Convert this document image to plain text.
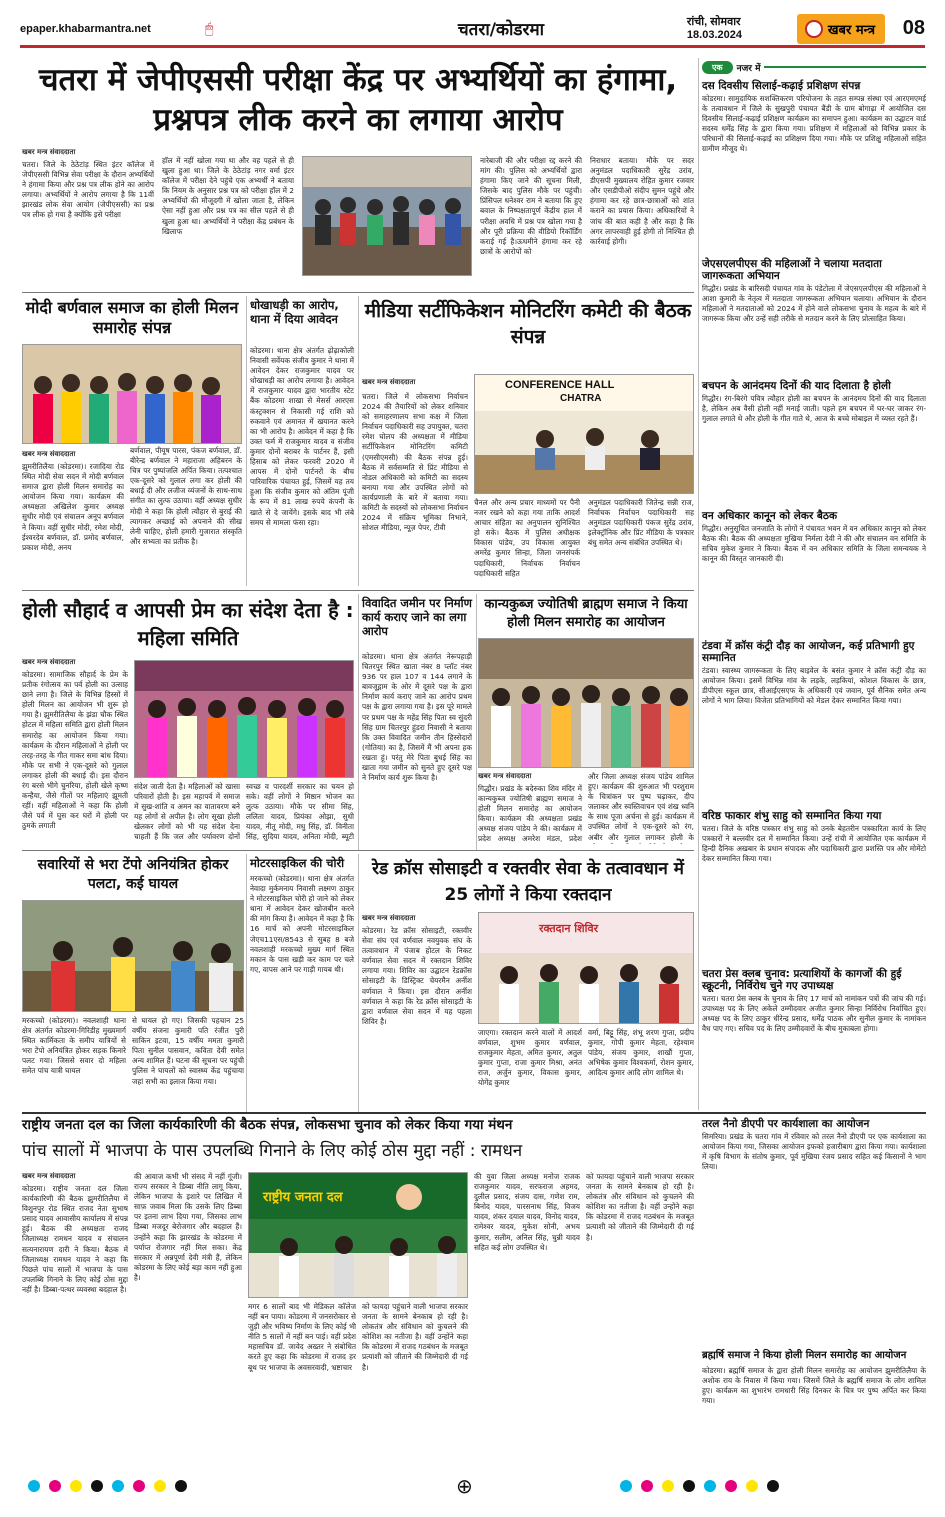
epaper.khabarmantra.net	🖱	चतरा/कोडरमा	रांची, सोमवार
18.03.2024	खबर मन्त्र	08
चतरा में जेपीएससी परीक्षा केंद्र पर अभ्यर्थियों का हंगामा, प्रश्नपत्र लीक करने का लगाया आरोप
खबर मन्त्र संवाददाता
चतरा। जिले के ठेठेटांड़ स्थित इंटर कॉलेज में जेपीएससी विभिन्न सेवा परीक्षा के दौरान अभ्यर्थियों ने हंगामा किया और प्रश्न पत्र लीक होने का आरोप लगाया। अभ्यर्थियों ने आरोप लगाया है कि 11वीं झारखंड लोक सेवा आयोग (जेपीएससी) का प्रश्न पत्र लीक हो गया है क्योंकि इसे परीक्षा
हॉल में नहीं खोला गया था और वह पहले से ही खुला हुआ था। जिले के ठेठेटांड़ नगर वर्मा इंटर कॉलेज में परीक्षा देने पहुंचे एक अभ्यर्थी ने बताया कि नियम के अनुसार प्रश्न पत्र को परीक्षा हॉल में 2 अभ्यर्थियों की मौजूदगी में खोला जाता है, लेकिन ऐसा नहीं हुआ और प्रश्न पत्र का सील पहले से ही खुला हुआ था। अभ्यर्थियों ने परीक्षा केंद्र प्रबंधन के खिलाफ
नारेबाजी की और परीक्षा रद्द करने की मांग की। पुलिस को अभ्यर्थियों द्वारा हंगामा किए जाने की सूचना मिली, जिसके बाद पुलिस मौके पर पहुंची। प्रिंसिपल धनेश्वर राम ने बताया कि हुए बवाल के निष्पक्षतापूर्ण केंद्रीय हाल में परीक्षा अवधि में प्रश्न पत्र खोला गया है और पूरी प्रक्रिया की वीडियो रिकॉर्डिंग कराई गई है।ऊधमीने हंगामा कर रहे छात्रों के आरोपों को
निराधार बताया। मौके पर सदर अनुमंडल पदाधिकारी सुरेंद्र उरांव, डीएसपी मुख्यालय रोहित कुमार रजवार और एसडीपीओ संदीप सुमन पहुंचे और हंगामा कर रहे छात्र-छात्राओं को शांत कराने का प्रयास किया। अधिकारियों ने जांच की बात कही है और कहा है कि अगर लापरवाही हुई होगी तो निश्चित ही कार्रवाई होगी।
मोदी बर्णवाल समाज का होली मिलन समारोह संपन्न
खबर मन्त्र संवाददाता
झुमरीतिलैया (कोडरमा)। रजादिया रोड स्थित मोदी सेवा सदन में मोदी बर्णवाल समाज द्वारा होली मिलन समारोह का आयोजन किया गया। कार्यक्रम की अध्यक्षता अखिलेश कुमार अध्यक्ष सुधीर मोदी एवं संचालन अनूप बर्णवाल ने किया। वहीं सुधीर मोदी, रमेश मोदी, ईश्वरदेव बर्णवाल, डॉ. प्रमोद बर्णवाल, प्रकाश मोदी, अनय
बर्णवाल, पीयूष पारस, पंकज बर्णवाल, डॉ. बीरेन्द्र बर्णवाल ने महाराजा अहिबरन के चित्र पर पुष्पांजलि अर्पित किया। तत्पश्चात एक-दूसरे को गुलाल लगा कर होली की बधाई दी और लजीज व्यंजनों के साथ-साथ संगीत का लुत्फ उठाया। वहीं अध्यक्ष सुधीर मोदी ने कहा कि होली त्यौहार से बुराई की त्यागकर अच्छाई को अपनाने की सीख लेनी चाहिए, होली हमारी गुजारात संस्कृति और सभ्यता का प्रतीक है।
धोखाधड़ी का आरोप, थाना में दिया आवेदन
कोडरमा। थाना क्षेत्र अंतर्गत ढ़ोढ़ाकोली निवासी सर्वेयक संजीव कुमार ने थाना में आवेदन देकर राजकुमार यादव पर धोखाधड़ी का आरोप लगाया है। आवेदन में राजकुमार यादव द्वारा भारतीय स्टेट बैंक कोडरमा शाखा से मेसर्स आरएस कंस्ट्रक्शन से निकासी गई राशि को रुकवाने एवं अमानत में खयानत करने का भी आरोप है। आवेदन में कहा है कि उक्त फर्म में राजकुमार यादव व संजीव कुमार दोनों बराबर के पार्टनर हैं, इसी हिसाब को लेकर फरवरी 2020 में आपस में दोनों पार्टनरों के बीच पारिवारिक पंचायत हुई, जिसमें यह तय हुआ कि संजीव कुमार को अंतिम पूंजी के रूप में 81 लाख रुपये कंपनी के खाते से दे जायेंगे। इसके बाद भी लंबे समय से मामला फंसा रहा।
मीडिया सर्टीफिकेशन मोनिटरिंग कमेटी की बैठक संपन्न
खबर मन्त्र संवाददाता
चतरा। जिले में लोकसभा निर्वाचन 2024 की तैयारियों को लेकर शनिवार को समाहरणालय सभा कक्ष में जिला निर्वाचन पदाधिकारी सह उपायुक्त, चतरा रमेश घोलप की अध्यक्षता में मीडिया सर्टीफिकेशन मोनिटरिंग कमिटी (एमसीएमसी) की बैठक संपन्न हुई। बैठक में सर्वसम्मति से प्रिंट मीडिया से नोडल अधिकारी को कमिटी का सदस्य बनाया गया और उपस्थित लोगों को कार्यप्रणाली के बारे में बताया गया। कमिटी के सदस्यों को लोकसभा निर्वाचन 2024 में संक्रिय भूमिका निभाने, सोशल मीडिया, न्यूज़ पेपर, टीवी
CONFERENCE HALL
CHATRA
चैनल और अन्य प्रचार माध्यमों पर पैनी नजर रखने को कहा गया ताकि आदर्श आचार संहिता का अनुपालन सुनिश्चित हो सके। बैठक में पुलिस अधीक्षक विकास पांडेय, उप विकास आयुक्त अमरेंद्र कुमार सिन्हा, जिला जनसंपर्क पदाधिकारी, निर्वाचक निर्वाचन पदाधिकारी सहित
अनुमंडल पदाधिकारी जितेन्द्र सन्नी राज, निर्वाचक निर्वाचन पदाधिकारी सह अनुमंडल पदाधिकारी पंकज सुरेंद्र उरांव, इलेक्ट्रॉनिक और प्रिंट मीडिया के पत्रकार बंधु समेत अन्य संबंधित उपस्थित थे।
होली सौहार्द व आपसी प्रेम का संदेश देता है : महिला समिति
खबर मन्त्र संवाददाता
कोडरमा। सामाजिक सौहार्द के प्रेम के प्रतीक रंगोत्सव का पर्व होली का उत्साह छाने लगा है। जिले के विभिन्न हिस्सों में होली मिलन का आयोजन भी शुरू हो गया है। झुमरीतिलैया के झंडा चौक स्थित होटल में महिला समिति द्वारा होली मिलन समारोह का आयोजन किया गया। कार्यक्रम के दौरान महिलाओं ने होली पर तरह-तरह के गीत गाकर समा बांध दिया। मौके पर सभी ने एक-दूसरे को गुलाल लगाकर होली की बधाई दी। इस दौरान रंग बरसे भीगे चुनरिया, होली खेले कृष्ण कन्हैया, जैसे गीतों पर महिलाएं झूमती रहीं। वहीं महिलाओं ने कहा कि होली जैसे पर्व में घुस कर घरों में होली पर ठुमके लगाती
संदेश जाती देता है। महिलाओं को खासा परिवारों होती है। इस महापर्व में समाज में सुख-शांति व अमन का वातावरण बने यह लोगों से अपील है। लोग सूखा होली खेलकर लोगों को भी यह संदेश देना चाहती हैं कि जल और पर्यावरण दोनों
स्वच्छ व पारदर्शी सरकार का चयन हो सके। वहीं लोगों ने मिष्ठान भोजन का लुत्फ उठाया। मौके पर सीमा सिंह, ललिता यादव, प्रियंका ओझा, सुधी यादव, नीतू मोदी, मधु सिंह, डॉ. विनीता सिंह, सुदिया यादव, अनिता मोदी, ब्यूटी
विवादित जमीन पर निर्माण कार्य कराए जाने का लगा आरोप
कोडरमा। थाना क्षेत्र अंतर्गत नेरूपहाड़ी चितरपुर स्थित खाता नंबर 8 प्लॉट नंबर 936 पर हाल 107 व 144 लगाने के बावजूद्गाम के ओर में दूसरे पक्ष के द्वारा निर्माण कार्य कराए जाने का आरोप प्रथम पक्ष के द्वारा लगाया गया है। इस पूरे मामले पर प्रथम पक्ष के महेंद्र सिंह पिता स्व सुंदरी सिंह ग्राम चितरपुर हुंडरा निवासी ने बताया कि उक्त विवादित जमीन तीन हिस्सेदारों (गोतिया) का है, जिसमें मैं भी अपना हक रखता हूं। परंतु मेरे पिता बुधई सिंह का खाता गया जमीन को सुनते हुए दूसरे पक्ष ने निर्माण कार्य शुरू किया है।
कान्यकुब्ज ज्योतिषी ब्राह्मण समाज ने किया होली मिलन समारोह का आयोजन
खबर मन्त्र संवाददाता
गिद्धौर। प्रखंड के बदेरुका शिव मंदिर में कान्यकुब्ज ज्योतिषी ब्राह्मण समाज ने होली मिलन समारोह का आयोजन किया। कार्यक्रम की अध्यक्षता प्रखंड अध्यक्ष संजय पांडेय ने की। कार्यक्रम में प्रदेश अध्यक्ष अमरेश मंडल, प्रदेश
और जिला अध्यक्ष संजय पांडेय शामिल हुए। कार्यक्रम की शुरुआत भी परशुराम के चित्रांकन पर पुष्प चढ़ाकर, दीप जलाकर और स्वस्तिवाचन एवं शंख ध्वनि के साथ पूजा अर्चना से हुई। कार्यक्रम में उपस्थित लोगों ने एक-दूसरे को रंग, अबीर और गुलाल लगाकर होली के
सवारियों से भरा टेंपो अनियंत्रित होकर पलटा, कई घायल
मरकच्चो (कोडरमा)। नवलशाही थाना क्षेत्र अंतर्गत कोडरमा-गिरिडीह मुख्यमार्ग स्थित कार्मिकता के समीप यात्रियों से भरा टेंपो अनियंत्रित होकर सड़क किनारे पलट गया। जिससे सवार दो महिला समेत पांच यात्री घायल
से घायल हो गए। जिसकी पहचान 25 वर्षीय संजना कुमारी पति रंजीत पुरी साकिन इटवा, 15 वर्षीय ममता कुमारी पिता सुनील पासवान, कविता देवी समेत अन्य शामिल हैं। घटना की सूचना पर पहुंची पुलिस ने घायलों को स्वास्थ्य केंद्र पहुंचाया जहां सभी का इलाज किया गया।
मोटरसाइकिल की चोरी
मरकच्चो (कोडरमा)। थाना क्षेत्र अंतर्गत नेवादा मुर्कमनाय निवासी लक्ष्मण ठाकुर ने मोटरसाइकिल चोरी हो जाने को लेकर थाना में आवेदन देकर खोजबीन करने की मांग किया है। आवेदन में कहा है कि 16 मार्च को अपनी मोटरसाइकिल जेएच11एस/8543 से सुबह 8 बजे नवलशाही मरकच्चो मुख्य मार्ग स्थित मकान के पास खड़ी कर काम पर चले गए, वापस आने पर गाड़ी गायब थी।
रेड क्रॉस सोसाइटी व रक्तवीर सेवा के तत्वावधान में 25 लोगों ने किया रक्तदान
खबर मन्त्र संवाददाता
कोडरमा। रेड क्रॉस सोसाइटी, रक्तवीर सेवा संघ एवं वर्णवाल नवयुवक संघ के तत्वावधान में पंजाब होटल के निकट वर्णवाल सेवा सदन में रक्तदान शिविर लगाया गया। शिविर का उद्घाटन रेडक्रॉस सोसाइटी के डिस्ट्रिक्ट चेयरमैन अर्नीश वर्णवाल ने किया। इस दौरान अर्नीश वर्णवाल ने कहा कि रेड क्रॉस सोसाइटी के द्वारा वर्णवाल सेवा सदन में यह पहला शिविर है।
रक्तदान शिविर
जाएगा। रक्तदान करने वालों में आदर्श वर्णवाल, शुभम कुमार वर्णवाल, राजकुमार मेहता, अमित कुमार, अतुल कुमार गुप्ता, राजा कुमार मिश्रा, अनंत राज, अर्जुन कुमार, विकास कुमार, योगेंद्र कुमार
वर्मा, बिट्टू सिंह, शंभू शरण गुप्ता, प्रदीप कुमार, गोपी कुमार मेहता, रहेश्याम पांडेय, संजय कुमार, शाखौं गुप्ता, अभिषेक कुमार विश्वकर्मा, रोशन कुमार, आदित्य कुमार आदि लोग शामिल थे।
राष्ट्रीय जनता दल का जिला कार्यकारिणी की बैठक संपन्न, लोकसभा चुनाव को लेकर किया गया मंथन
पांच सालों में भाजपा के पास उपलब्धि गिनाने के लिए कोई ठोस मुद्दा नहीं : रामधन
खबर मन्त्र संवाददाता
कोडरमा। राष्ट्रीय जनता दल जिला कार्यकारिणी की बैठक झुमरीतिलैया में विशुनपुर रोड स्थित राजद नेता सुभाष प्रसाद यादव आवासीय कार्यालय में संपन्न हुई। बैठक की अध्यक्षता राजद जिलाध्यक्ष रामधन यादव व संचालन सत्यनारायण दारी ने किया। बैठक में जिलाध्यक्ष रामधन यादव ने कहा कि पिछले पांच सालों में भाजपा के पास उपलब्धि गिनाने के लिए कोई ठोस मुद्दा नहीं है। डिब्बा-पत्थर व्यवस्था बदहाल है।
की आवाज कभी भी संसद में नहीं गूंजी। राज्य सरकार ने डिब्बा नीति लागू किया, लेकिन भाजपा के इशारे पर लिखित में साफ़ जवाब मिला कि उसके लिए डिब्बा पर इतना लाभ दिया गया, जिसका लाभ डिब्बा मजदूर बेरोजगार और बदहाल हैं। उन्होंने कहा कि झारखंड के कोडरमा में पर्याप्त रोजगार नहीं मिल सका। केंद्र सरकार में अन्नपूर्णा देवी मंत्री हैं, लेकिन कोडरमा के लिए कोई बड़ा काम नहीं हुआ है।
राष्ट्रीय जनता दल
मगर 6 सालों बाद भी मेडिकल कॉलेज नहीं बन पाया। कोडरमा में जनसरोकार से जुड़ी और भविष्य निर्माण के लिए कोई भी नीति 5 सालों में नहीं बन पाई। वहीं प्रदेश महासचिव डॉ. जावेद अख्तर ने संबोधित करते हुए कहा कि कोडरमा में राजद हर बूथ पर भाजपा के अवसरवादी, भ्रष्टाचार
को फायदा पहुंचाने वाली भाजपा सरकार जनता के सामने बेनकाब हो रही है। लोकतंत्र और संविधान को कुचलने की कोशिश का नतीजा है। वहीं उन्होंने कहा कि कोडरमा में राजद गठबंधन के मजबूत प्रत्याशी को जीताने की जिम्मेदारी दी गई है।
की युवा जिला अध्यक्ष मनोज राजक राजकुमार यादव, सरफराज अहमद, दुलील प्रसाद, संजय दास, गणेश राम, बिनोद यादव, पारसनाथ सिंह, विजय यादव, शंकर दयाल यादव, विनोद यादव, रामेश्वर यादव, मुकेश सोनी, अभय कुमार, सलीम, अनिल सिंह, चुन्नी यादव सहित कई लोग उपस्थित थे।
को फायदा पहुंचाने वाली भाजपा सरकार जनता के सामने बेनकाब हो रही है। लोकतंत्र और संविधान को कुचलने की कोशिश का नतीजा है। वहीं उन्होंने कहा कि कोडरमा में राजद गठबंधन के मजबूत प्रत्याशी को जीताने की जिम्मेदारी दी गई है।
एक	नजर में
दस दिवसीय सिलाई-कढ़ाई प्रशिक्षण संपन्न
कोडरमा। सामुदायिक सशक्तिकरण परियोजना के तहत सम्पन्न संस्था एवं आरएमएमई के तत्वावधान में जिले के सुखपुरी पंचायत बैंडी के ग्राम बोगाढ़ा में आयोजित दस दिवसीय सिलाई-कढ़ाई प्रशिक्षण कार्यक्रम का समापन हुआ। कार्यक्रम का उद्घाटन वार्ड सदस्य धर्मेंद्र सिंह के द्वारा किया गया। प्रशिक्षण में महिलाओं को विभिन्न प्रकार के परिधानों की सिलाई-कढ़ाई का प्रशिक्षण दिया गया। मौके पर प्रशिक्षु महिलाओं सहित ग्रामीण मौजूद थे।
जेएसएलपीएस की महिलाओं ने चलाया मतदाता जागरूकता अभियान
गिद्धौर। प्रखंड के बारिसदी पंचायत गांव के पंडेटोला में जेएसएलपीएस की महिलाओं ने आशा कुमारी के नेतृत्व में मतदाता जागरूकता अभियान चलाया। अभियान के दौरान महिलाओं ने मतदाताओं को 2024 में होने वाले लोकसभा चुनाव के महत्व के बारे में जागरूक किया और उन्हें सही तरीके से मतदान करने के लिए प्रोत्साहित किया।
बचपन के आनंदमय दिनों की याद दिलाता है होली
गिद्धौर। रंग-बिरंगे पवित्र त्यौहार होली का बचपन के आनंदमय दिनों की याद दिलाता है, लेकिन अब वैसी होली नहीं मनाई जाती। पहले हम बचपन में घर-घर जाकर रंग-गुलाल लगाते थे और होली के गीत गाते थे, आज के बच्चे मोबाइल में व्यस्त रहते हैं।
वन अधिकार कानून को लेकर बैठक
गिद्धौर। अनुसूचित जनजाति के लोगों ने पंचायत भवन में वन अधिकार कानून को लेकर बैठक की। बैठक की अध्यक्षता मुखिया निर्मला देवी ने की और संचालन वन समिति के सचिव मुकेश कुमार ने किया। बैठक में वन अधिकार समिति के जिला समन्वयक ने कानून की विस्तृत जानकारी दी।
टंडवा में क्रॉस कंट्री दौड़ का आयोजन, कई प्रतिभागी हुए सम्मानित
टंडवा। स्वास्थ्य जागरूकता के लिए बाइवेल के बसंत कुमार ने क्रॉस कंट्री दौड़ का आयोजन किया। इसमें विभिन्न गांव के लड़के, लड़कियां, कोशल विकास के छात्र, डीपीएस स्कूल छात्र, सीआईएसएफ के अधिकारी एवं जवान, पूर्व सैनिक समेत अन्य लोगों ने भाग लिया। विजेता प्रतिभागियों को मेडल देकर सम्मानित किया गया।
वरिष्ठ फाकार शंभु साहु को सम्मानित किया गया
चतरा। जिले के वरिष्ठ पत्रकार शंभु साहु को उनके बेहतरीन पत्रकारिता कार्य के लिए पत्रकारों ने बल्लवीर दल में सम्मानित किया। उन्हें रांची में आयोजित एक कार्यक्रम में हिन्दी दैनिक अखबार के प्रधान संपादक और पदाधिकारी द्वारा प्रशस्ति पत्र और मोमेंटो देकर सम्मानित किया गया।
चतरा प्रेस क्लब चुनाव: प्रत्याशियों के कागजों की हुई स्क्रूटनी, निर्विरोध चुने गए उपाध्यक्ष
चतरा। चतरा प्रेस क्लब के चुनाव के लिए 17 मार्च को नामांकन पत्रों की जांच की गई। उपाध्यक्ष पद के लिए अकेले उम्मीदवार अजीत कुमार सिन्हा निर्विरोध निर्वाचित हुए। अध्यक्ष पद के लिए ठाकुर धीरेन्द्र प्रसाद, धर्मेंद्र पाठक और सुनील कुमार के नामांकन वैध पाए गए। सचिव पद के लिए उम्मीदवारों के बीच मुकाबला होगा।
तरल नैनो डीएपी पर कार्यशाला का आयोजन
सिमरिया। प्रखंड के चतरा गांव में रविवार को तरल नैनो डीएपी पर एक कार्यशाला का आयोजन किया गया, जिसका आयोजन इफको हजारीबाग द्वारा किया गया। कार्यशाला में कृषि विभाग के संतोष कुमार, पूर्व मुखिया रंजय प्रसाद सहित कई किसानों ने भाग लिया।
ब्रह्मर्षि समाज ने किया होली मिलन समारोह का आयोजन
कोडरमा। ब्रह्मर्षि समाज के द्वारा होली मिलन समारोह का आयोजन झुमरीतिलैया के अशोक राय के निवास में किया गया। जिसमें जिले के ब्रह्मर्षि समाज के लोग शामिल हुए। कार्यक्रम का शुभारंभ रामधारी सिंह दिनकर के चित्र पर पुष्प अर्पित कर किया गया।
⊕
